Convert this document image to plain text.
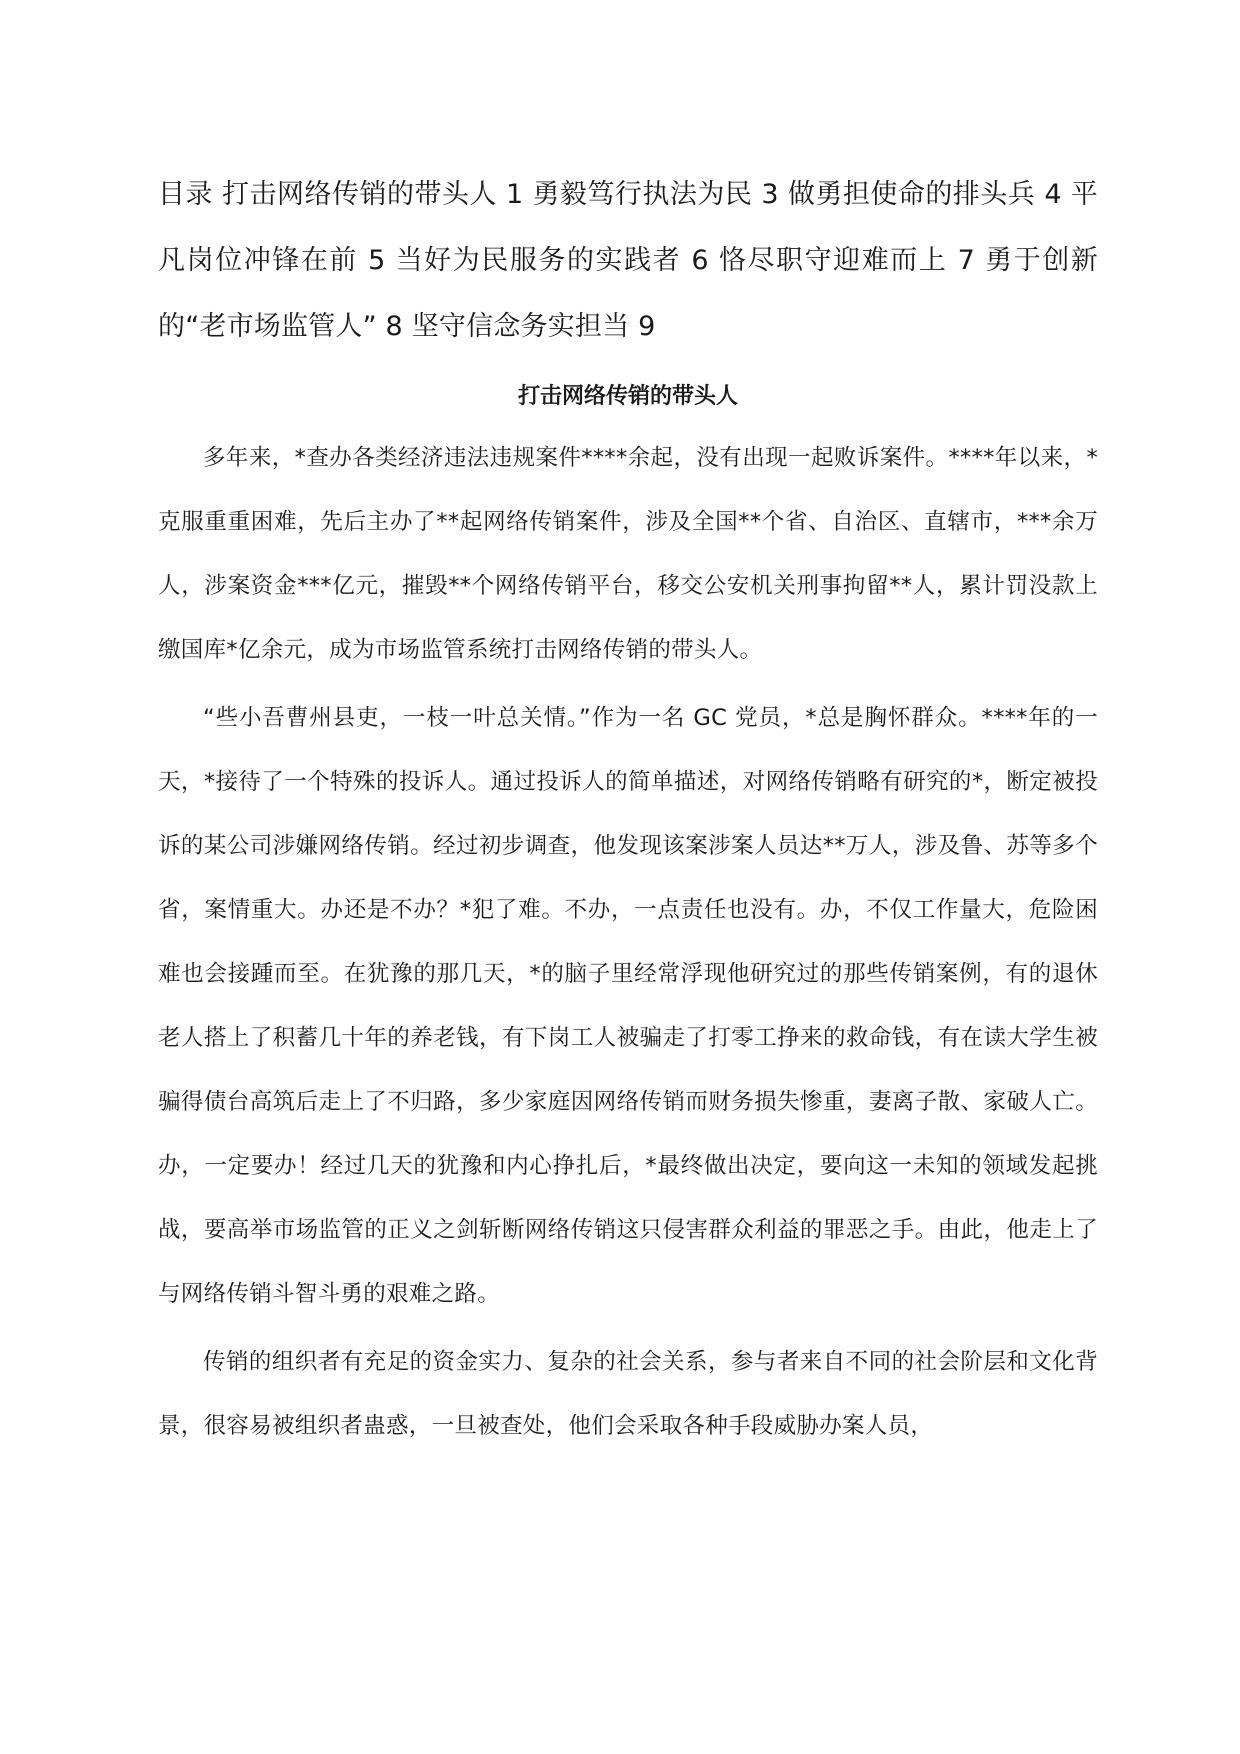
目录 打击网络传销的带头人 1 勇毅笃行执法为民 3 做勇担使命的排头兵 4 平凡岗位冲锋在前 5 当好为民服务的实践者 6 恪尽职守迎难而上 7 勇于创新的“老市场监管人” 8 坚守信念务实担当 9

打击网络传销的带头人

多年来，*查办各类经济违法违规案件****余起，没有出现一起败诉案件。****年以来，*克服重重困难，先后主办了**起网络传销案件，涉及全国**个省、自治区、直辖市，***余万人，涉案资金***亿元，摧毁**个网络传销平台，移交公安机关刑事拘留**人，累计罚没款上缴国库*亿余元，成为市场监管系统打击网络传销的带头人。

“些小吾曹州县吏，一枝一叶总关情。”作为一名 GC 党员，*总是胸怀群众。****年的一天，*接待了一个特殊的投诉人。通过投诉人的简单描述，对网络传销略有研究的*，断定被投诉的某公司涉嫌网络传销。经过初步调查，他发现该案涉案人员达**万人，涉及鲁、苏等多个省，案情重大。办还是不办？*犯了难。不办，一点责任也没有。办，不仅工作量大，危险困难也会接踵而至。在犹豫的那几天，*的脑子里经常浮现他研究过的那些传销案例，有的退休老人搭上了积蓄几十年的养老钱，有下岗工人被骗走了打零工挣来的救命钱，有在读大学生被骗得债台高筑后走上了不归路，多少家庭因网络传销而财务损失惨重，妻离子散、家破人亡。办，一定要办！经过几天的犹豫和内心挣扎后，*最终做出决定，要向这一未知的领域发起挑战，要高举市场监管的正义之剑斩断网络传销这只侵害群众利益的罪恶之手。由此，他走上了与网络传销斗智斗勇的艰难之路。

传销的组织者有充足的资金实力、复杂的社会关系，参与者来自不同的社会阶层和文化背景，很容易被组织者蛊惑，一旦被查处，他们会采取各种手段威胁办案人员，
